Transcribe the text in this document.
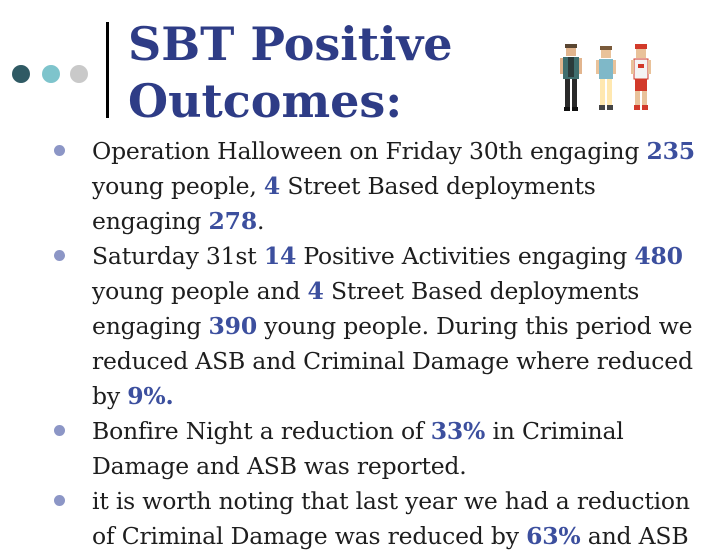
SBT Positive
Outcomes:
Operation Halloween on Friday 30th engaging 235 young people, 4 Street Based deployments engaging 278.
Saturday 31st 14 Positive Activities engaging 480 young people and 4 Street Based deployments engaging 390 young people. During this period we reduced ASB and Criminal Damage where reduced by 9%.
Bonfire Night a reduction of 33% in Criminal Damage and ASB was reported.
it is worth noting that last year we had a reduction of Criminal Damage was reduced by 63% and ASB
